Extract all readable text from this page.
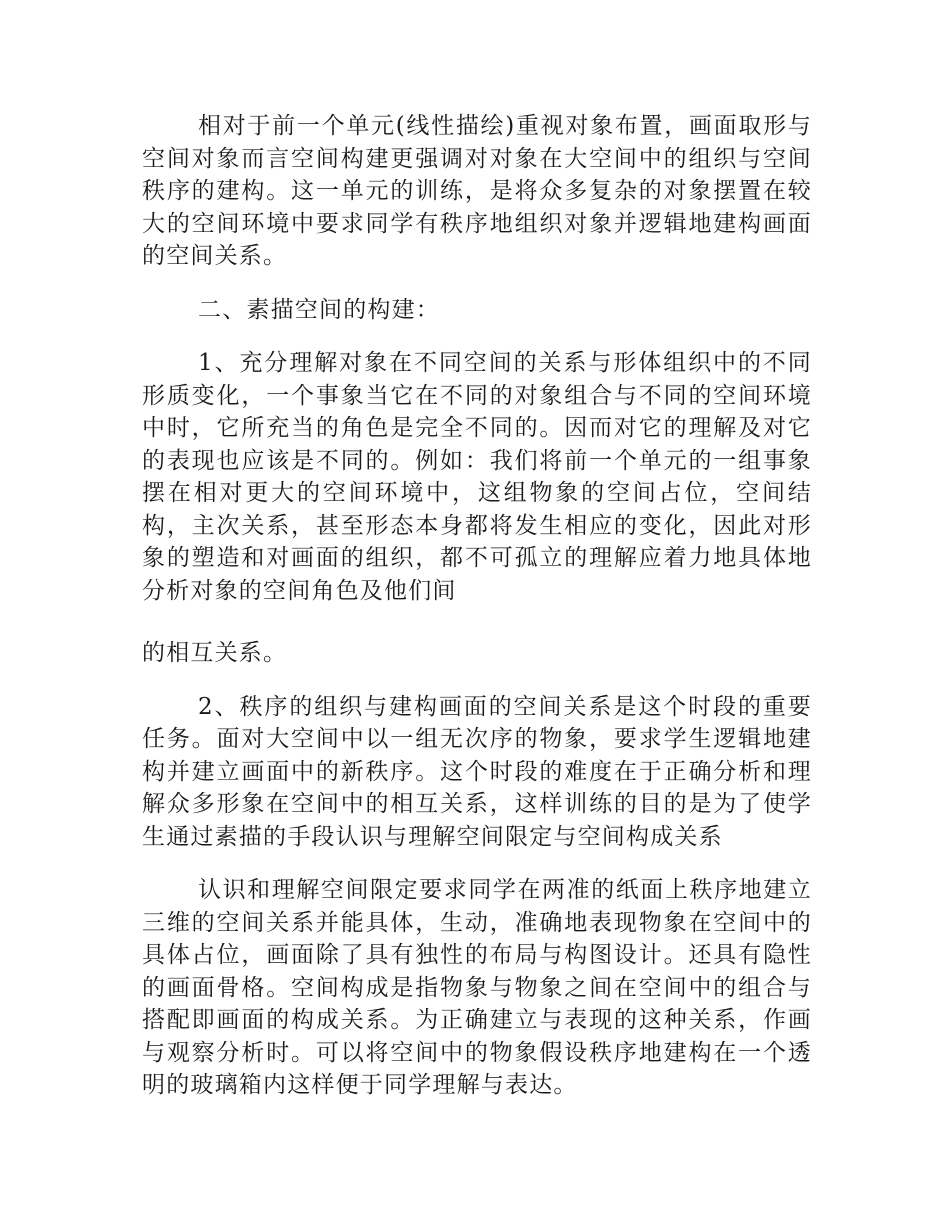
相对于前一个单元(线性描绘)重视对象布置，画面取形与空间对象而言空间构建更强调对对象在大空间中的组织与空间秩序的建构。这一单元的训练，是将众多复杂的对象摆置在较大的空间环境中要求同学有秩序地组织对象并逻辑地建构画面的空间关系。

二、素描空间的构建：

1、充分理解对象在不同空间的关系与形体组织中的不同形质变化，一个事象当它在不同的对象组合与不同的空间环境中时，它所充当的角色是完全不同的。因而对它的理解及对它的表现也应该是不同的。例如：我们将前一个单元的一组事象摆在相对更大的空间环境中，这组物象的空间占位，空间结构，主次关系，甚至形态本身都将发生相应的变化，因此对形象的塑造和对画面的组织，都不可孤立的理解应着力地具体地分析对象的空间角色及他们间

的相互关系。

2、秩序的组织与建构画面的空间关系是这个时段的重要任务。面对大空间中以一组无次序的物象，要求学生逻辑地建构并建立画面中的新秩序。这个时段的难度在于正确分析和理解众多形象在空间中的相互关系，这样训练的目的是为了使学生通过素描的手段认识与理解空间限定与空间构成关系

认识和理解空间限定要求同学在两准的纸面上秩序地建立三维的空间关系并能具体，生动，准确地表现物象在空间中的具体占位，画面除了具有独性的布局与构图设计。还具有隐性的画面骨格。空间构成是指物象与物象之间在空间中的组合与搭配即画面的构成关系。为正确建立与表现的这种关系，作画与观察分析时。可以将空间中的物象假设秩序地建构在一个透明的玻璃箱内这样便于同学理解与表达。
